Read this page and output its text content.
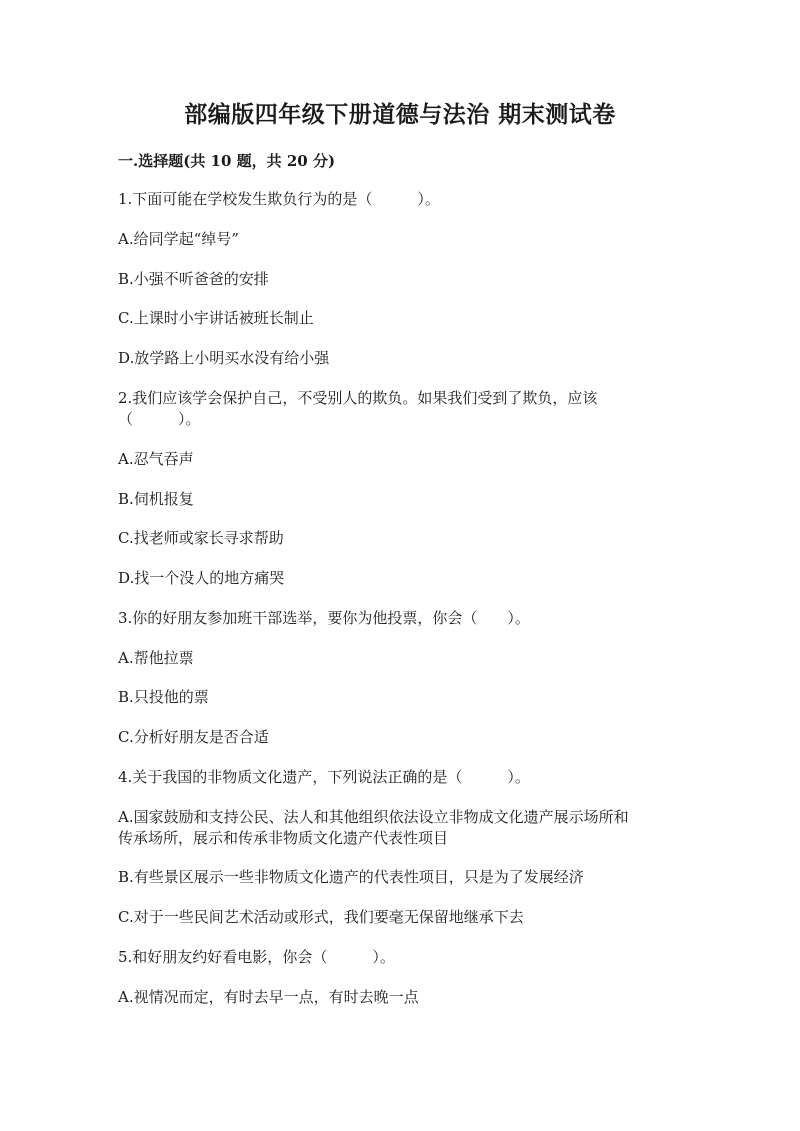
部编版四年级下册道德与法治 期末测试卷
一.选择题(共 10 题，共 20 分)
1.下面可能在学校发生欺负行为的是（　　　）。
A.给同学起“绰号”
B.小强不听爸爸的安排
C.上课时小宇讲话被班长制止
D.放学路上小明买水没有给小强
2.我们应该学会保护自己，不受别人的欺负。如果我们受到了欺负，应该
（　　　）。
A.忍气吞声
B.伺机报复
C.找老师或家长寻求帮助
D.找一个没人的地方痛哭
3.你的好朋友参加班干部选举，要你为他投票，你会（　　）。
A.帮他拉票
B.只投他的票
C.分析好朋友是否合适
4.关于我国的非物质文化遗产，下列说法正确的是（　　　）。
A.国家鼓励和支持公民、法人和其他组织依法设立非物成文化遗产展示场所和
传承场所，展示和传承非物质文化遗产代表性项目
B.有些景区展示一些非物质文化遗产的代表性项目，只是为了发展经济
C.对于一些民间艺术活动或形式，我们要毫无保留地继承下去
5.和好朋友约好看电影，你会（　　　）。
A.视情况而定，有时去早一点，有时去晚一点
